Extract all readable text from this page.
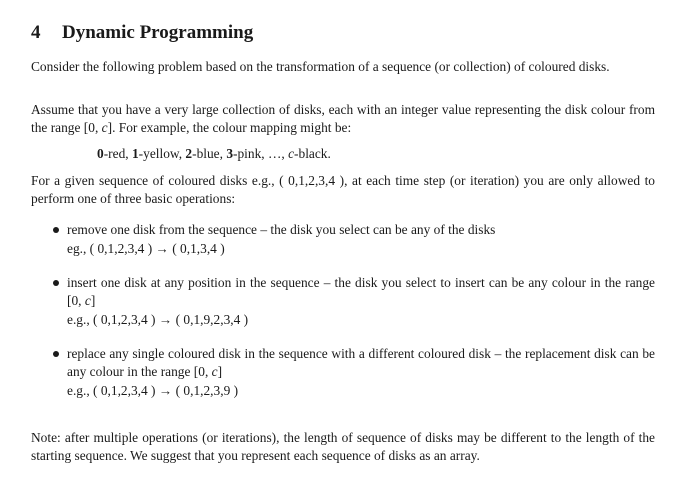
4 Dynamic Programming

Consider the following problem based on the transformation of a sequence (or collection) of coloured disks.

Assume that you have a very large collection of disks, each with an integer value representing the disk colour from the range [0, c]. For example, the colour mapping might be:

0-red, 1-yellow, 2-blue, 3-pink, …, c-black.

For a given sequence of coloured disks e.g., ( 0,1,2,3,4 ), at each time step (or iteration) you are only allowed to perform one of three basic operations:

remove one disk from the sequence – the disk you select can be any of the disks

eg., ( 0,1,2,3,4 ) → ( 0,1,3,4 )

insert one disk at any position in the sequence – the disk you select to insert can be any colour in the range [0, c]

e.g., ( 0,1,2,3,4 ) → ( 0,1,9,2,3,4 )

replace any single coloured disk in the sequence with a different coloured disk – the replacement disk can be any colour in the range [0, c]

e.g., ( 0,1,2,3,4 ) → ( 0,1,2,3,9 )

Note: after multiple operations (or iterations), the length of sequence of disks may be different to the length of the starting sequence. We suggest that you represent each sequence of disks as an array.
